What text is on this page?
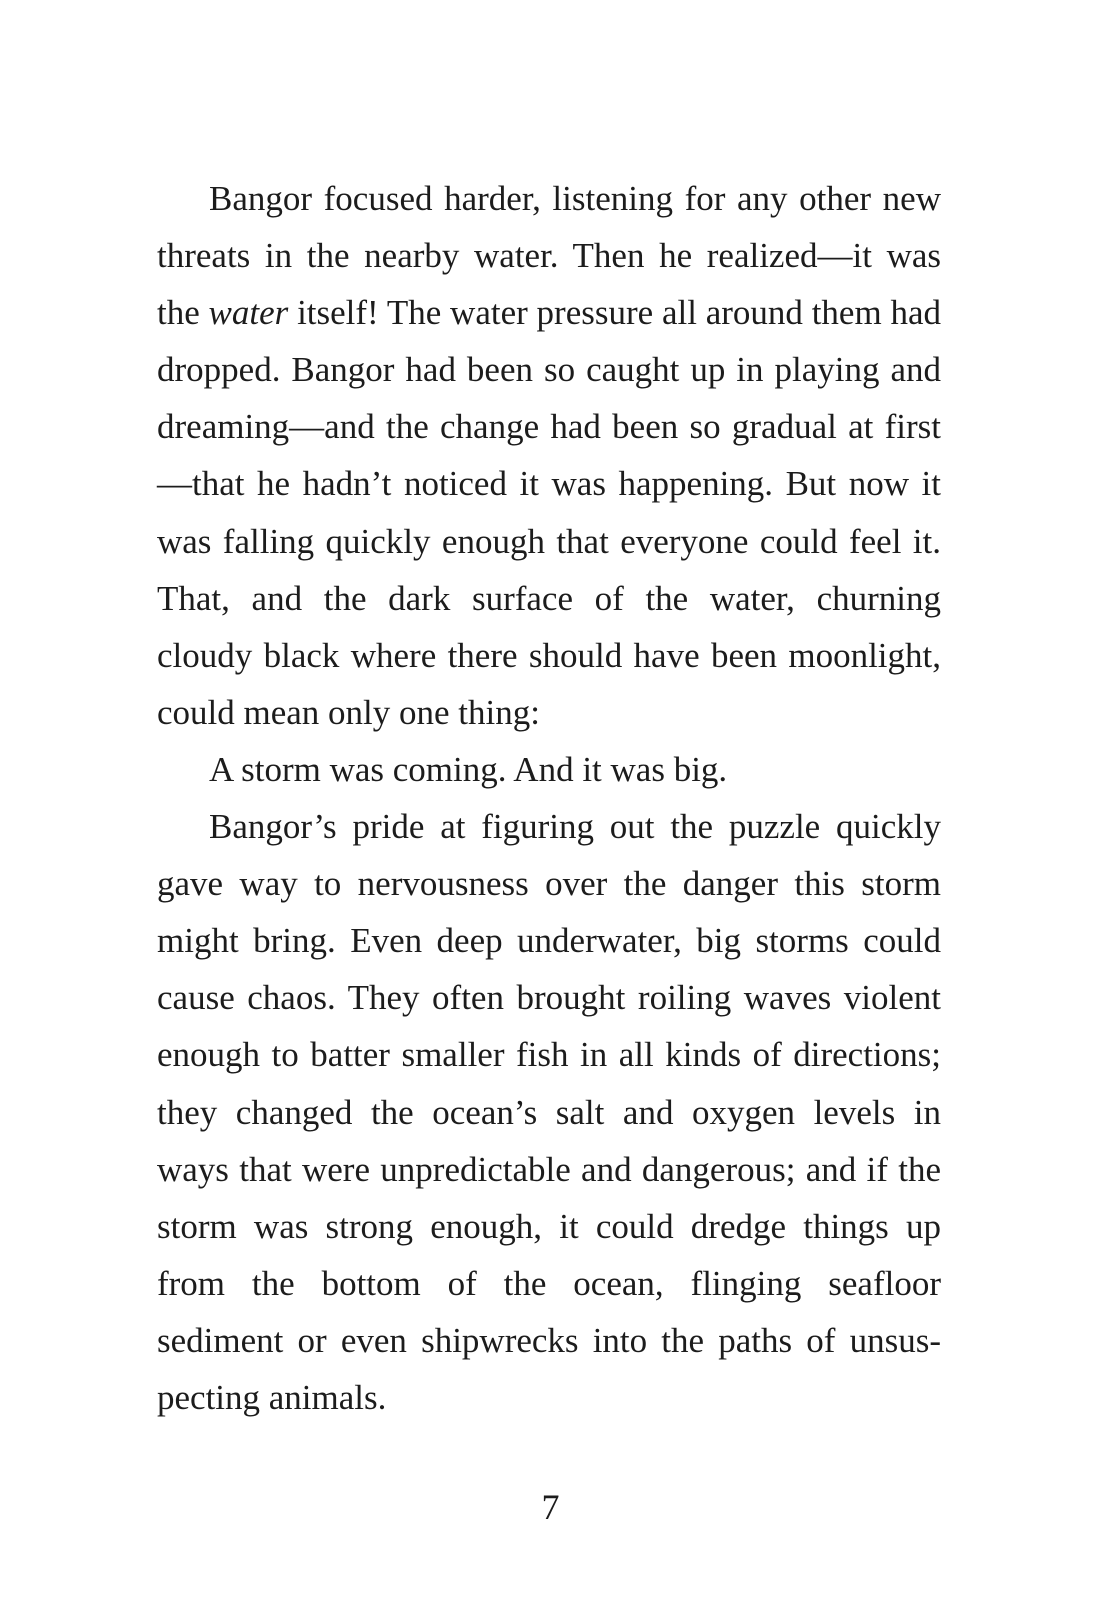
Bangor focused harder, listening for any other new threats in the nearby water. Then he realized—it was the water itself! The water pressure all around them had dropped. Bangor had been so caught up in playing and dreaming—and the change had been so gradual at first—that he hadn’t noticed it was happening. But now it was falling quickly enough that everyone could feel it. That, and the dark surface of the water, churning cloudy black where there should have been moonlight, could mean only one thing:

A storm was coming. And it was big.

Bangor’s pride at figuring out the puzzle quickly gave way to nervousness over the danger this storm might bring. Even deep underwater, big storms could cause chaos. They often brought roiling waves violent enough to batter smaller fish in all kinds of directions; they changed the ocean’s salt and oxygen levels in ways that were unpredictable and dangerous; and if the storm was strong enough, it could dredge things up from the bottom of the ocean, flinging seafloor sediment or even shipwrecks into the paths of unsuspecting animals.

7
